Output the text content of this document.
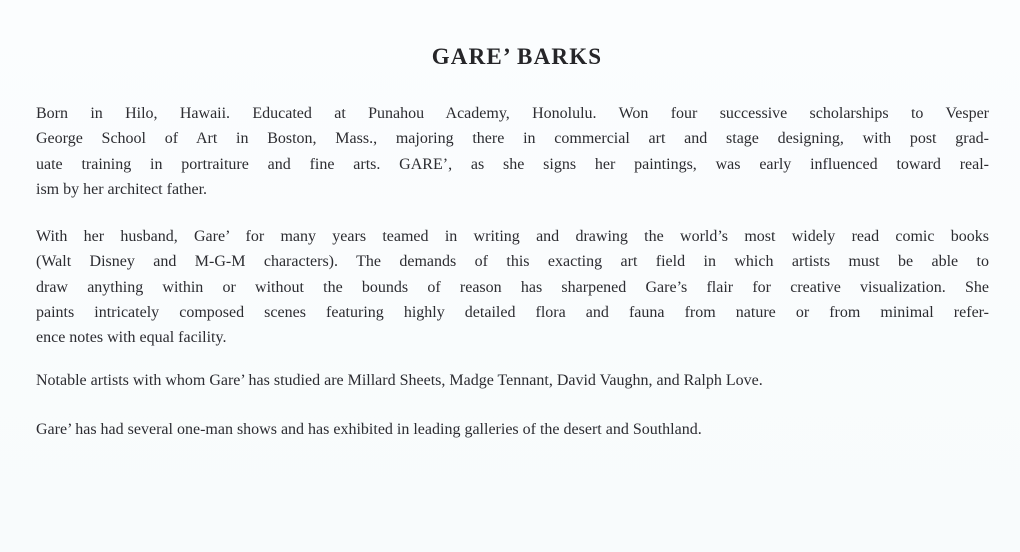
GARE’ BARKS

Born in Hilo, Hawaii. Educated at Punahou Academy, Honolulu. Won four successive scholarships to Vesper
George School of Art in Boston, Mass., majoring there in commercial art and stage designing, with post grad-
uate training in portraiture and fine arts. GARE’, as she signs her paintings, was early influenced toward real-
ism by her architect father.

With her husband, Gare’ for many years teamed in writing and drawing the world’s most widely read comic books
(Walt Disney and M-G-M characters). The demands of this exacting art field in which artists must be able to
draw anything within or without the bounds of reason has sharpened Gare’s flair for creative visualization. She
paints intricately composed scenes featuring highly detailed flora and fauna from nature or from minimal refer-
ence notes with equal facility.

Notable artists with whom Gare’ has studied are Millard Sheets, Madge Tennant, David Vaughn, and Ralph Love.

Gare’ has had several one-man shows and has exhibited in leading galleries of the desert and Southland.
